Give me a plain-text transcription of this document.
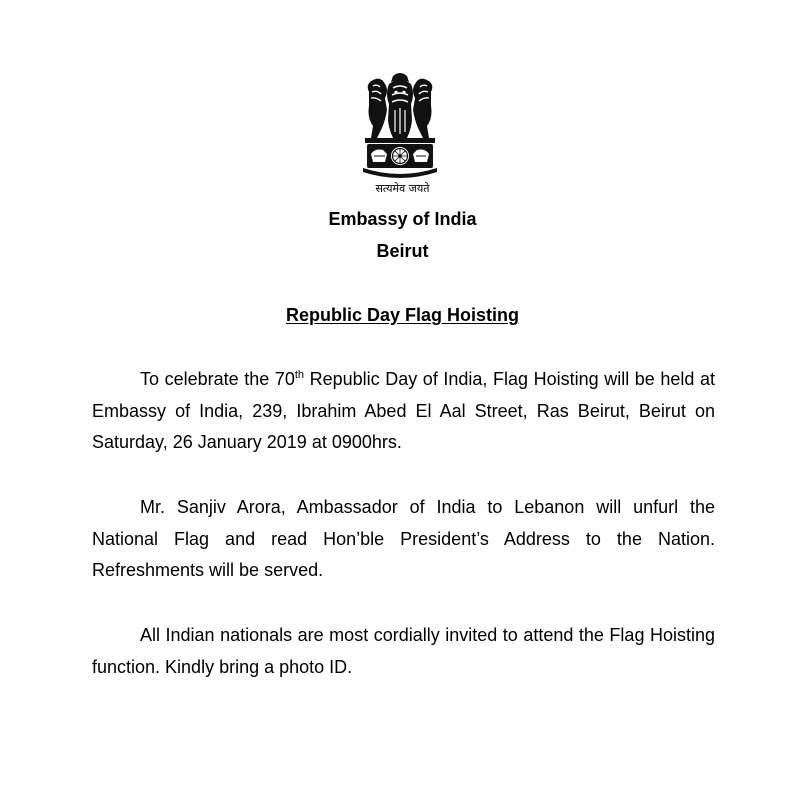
सत्यमेव जयते
Embassy of India
Beirut
Republic Day Flag Hoisting

To celebrate the 70th Republic Day of India, Flag Hoisting will be held at Embassy of India, 239, Ibrahim Abed El Aal Street, Ras Beirut, Beirut on Saturday, 26 January 2019 at 0900hrs.

Mr. Sanjiv Arora, Ambassador of India to Lebanon will unfurl the National Flag and read Hon’ble President’s Address to the Nation. Refreshments will be served.

All Indian nationals are most cordially invited to attend the Flag Hoisting function. Kindly bring a photo ID.
